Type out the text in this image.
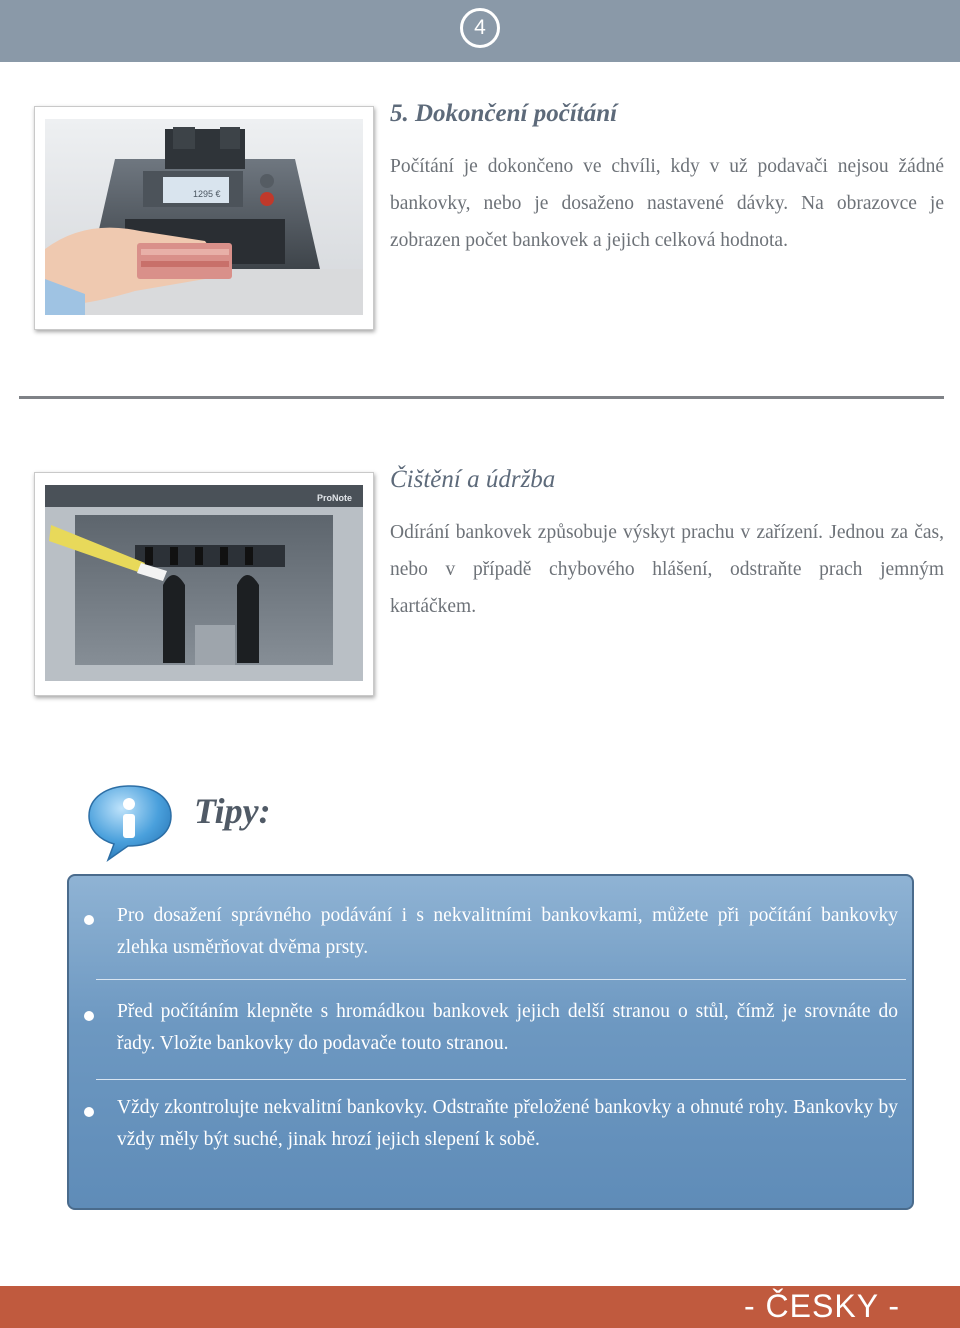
4
1295 €
5. Dokončení počítání

Počítání je dokončeno ve chvíli, kdy v už podavači nejsou žádné bankovky, nebo je dosaženo nastavené dávky. Na obrazovce je zobrazen počet bankovek a jejich celková hodnota.

ProNote
Čištění a údržba

Odírání bankovek způsobuje výskyt prachu v zařízení. Jednou za čas, nebo v případě chybového hlášení, odstraňte prach jemným kartáčkem.

Tipy:

Pro dosažení správného podávání i s nekvalitními bankovkami, můžete při počítání bankovky zlehka usměrňovat dvěma prsty.

Před počítáním klepněte s hromádkou bankovek jejich delší stranou o stůl, čímž je srovnáte do řady. Vložte bankovky do podavače touto stranou.

Vždy zkontrolujte nekvalitní bankovky. Odstraňte přeložené bankovky a ohnuté rohy. Bankovky by vždy měly být suché, jinak hrozí jejich slepení k sobě.

- ČESKY -
